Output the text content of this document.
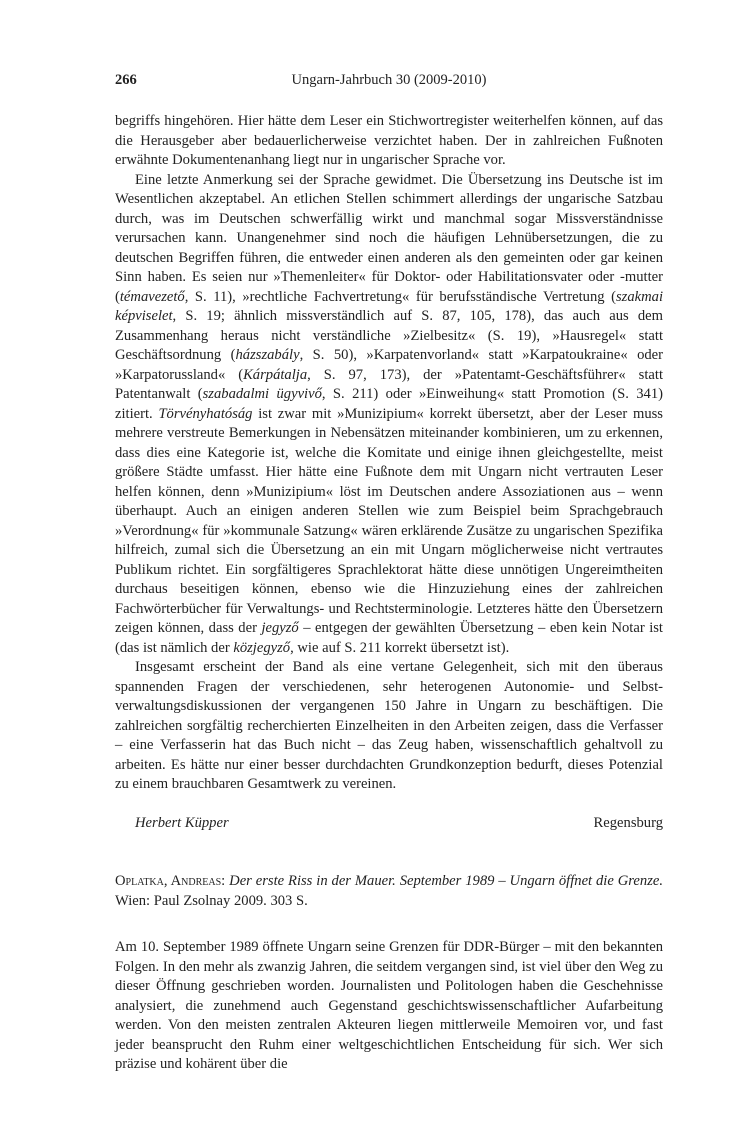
266	Ungarn-Jahrbuch 30 (2009-2010)

begriffs hingehören. Hier hätte dem Leser ein Stichwortregister weiterhelfen können, auf das die Herausgeber aber bedauerlicherweise verzichtet haben. Der in zahlreichen Fußnoten erwähnte Dokumentenanhang liegt nur in ungarischer Sprache vor.

Eine letzte Anmerkung sei der Sprache gewidmet. Die Übersetzung ins Deutsche ist im Wesentlichen akzeptabel. An etlichen Stellen schimmert allerdings der ungarische Satzbau durch, was im Deutschen schwerfällig wirkt und manchmal sogar Missverständnisse verursachen kann. Unangenehmer sind noch die häufigen Lehnübersetzungen, die zu deutschen Begriffen führen, die entweder einen anderen als den gemeinten oder gar keinen Sinn haben. Es seien nur »Themenleiter« für Doktor- oder Habilitationsvater oder -mutter (témavezető, S. 11), »rechtliche Fachvertretung« für berufsständische Vertretung (szakmai képviselet, S. 19; ähnlich missverständlich auf S. 87, 105, 178), das auch aus dem Zusammenhang heraus nicht verständliche »Zielbesitz« (S. 19), »Hausregel« statt Geschäftsordnung (házszabály, S. 50), »Karpatenvorland« statt »Karpatoukraine« oder »Karpatorussland« (Kárpátalja, S. 97, 173), der »Patentamt-Geschäftsführer« statt Patentanwalt (szabadalmi ügyvivő, S. 211) oder »Einweihung« statt Promotion (S. 341) zitiert. Törvényhatóság ist zwar mit »Munizipium« korrekt übersetzt, aber der Leser muss mehrere verstreute Bemerkungen in Nebensätzen miteinander kombinieren, um zu erkennen, dass dies eine Kategorie ist, welche die Komitate und einige ihnen gleichgestellte, meist größere Städte umfasst. Hier hätte eine Fußnote dem mit Ungarn nicht vertrauten Leser helfen können, denn »Munizipium« löst im Deutschen andere Assoziationen aus – wenn überhaupt. Auch an einigen anderen Stellen wie zum Beispiel beim Sprachgebrauch »Verordnung« für »kommunale Satzung« wären erklärende Zusätze zu ungarischen Spezifika hilfreich, zumal sich die Übersetzung an ein mit Ungarn möglicherweise nicht vertrautes Publikum richtet. Ein sorgfältigeres Sprachlektorat hätte diese unnötigen Ungereimtheiten durchaus beseitigen können, ebenso wie die Hinzuziehung eines der zahlreichen Fachwörterbücher für Verwaltungs- und Rechtsterminologie. Letzteres hätte den Übersetzern zeigen können, dass der jegyző – entgegen der gewählten Übersetzung – eben kein Notar ist (das ist nämlich der közjegyző, wie auf S. 211 korrekt übersetzt ist).

Insgesamt erscheint der Band als eine vertane Gelegenheit, sich mit den überaus spannenden Fragen der verschiedenen, sehr heterogenen Autonomie- und Selbstverwaltungsdiskussionen der vergangenen 150 Jahre in Ungarn zu beschäftigen. Die zahlreichen sorgfältig recherchierten Einzelheiten in den Arbeiten zeigen, dass die Verfasser – eine Verfasserin hat das Buch nicht – das Zeug haben, wissenschaftlich gehaltvoll zu arbeiten. Es hätte nur einer besser durchdachten Grundkonzeption bedurft, dieses Potenzial zu einem brauchbaren Gesamtwerk zu vereinen.

Herbert Küpper	Regensburg

Oplatka, Andreas: Der erste Riss in der Mauer. September 1989 – Ungarn öffnet die Grenze. Wien: Paul Zsolnay 2009. 303 S.

Am 10. September 1989 öffnete Ungarn seine Grenzen für DDR-Bürger – mit den bekannten Folgen. In den mehr als zwanzig Jahren, die seitdem vergangen sind, ist viel über den Weg zu dieser Öffnung geschrieben worden. Journalisten und Politologen haben die Geschehnisse analysiert, die zunehmend auch Gegenstand geschichtswissenschaftlicher Aufarbeitung werden. Von den meisten zentralen Akteuren liegen mittlerweile Memoiren vor, und fast jeder beansprucht den Ruhm einer weltgeschichtlichen Entscheidung für sich. Wer sich präzise und kohärent über die
